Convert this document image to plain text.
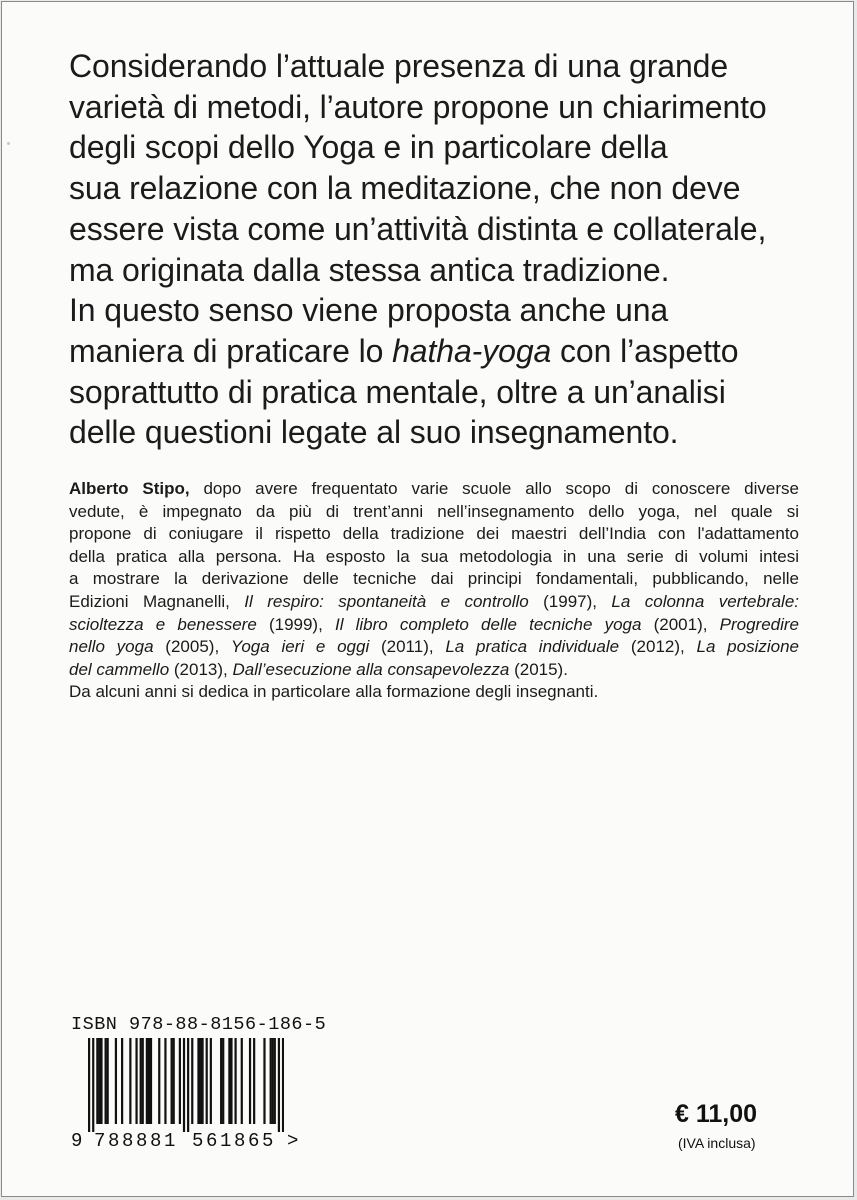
Considerando l’attuale presenza di una grande
varietà di metodi, l’autore propone un chiarimento
degli scopi dello Yoga e in particolare della
sua relazione con la meditazione, che non deve
essere vista come un’attività distinta e collaterale,
ma originata dalla stessa antica tradizione.
In questo senso viene proposta anche una
maniera di praticare lo hatha-yoga con l’aspetto
soprattutto di pratica mentale, oltre a un’analisi
delle questioni legate al suo insegnamento.
Alberto Stipo, dopo avere frequentato varie scuole allo scopo di conoscere diverse
vedute, è impegnato da più di trent’anni nell’insegnamento dello yoga, nel quale si
propone di coniugare il rispetto della tradizione dei maestri dell’India con l'adattamento
della pratica alla persona. Ha esposto la sua metodologia in una serie di volumi intesi
a mostrare la derivazione delle tecniche dai principi fondamentali, pubblicando, nelle
Edizioni Magnanelli, Il respiro: spontaneità e controllo (1997), La colonna vertebrale:
scioltezza e benessere (1999), Il libro completo delle tecniche yoga (2001), Progredire
nello yoga (2005), Yoga ieri e oggi (2011), La pratica individuale (2012), La posizione
del cammello (2013), Dall’esecuzione alla consapevolezza (2015).
Da alcuni anni si dedica in particolare alla formazione degli insegnanti.
ISBN 978-88-8156-186-5
9 788881 561865 >
€ 11,00
(IVA inclusa)
